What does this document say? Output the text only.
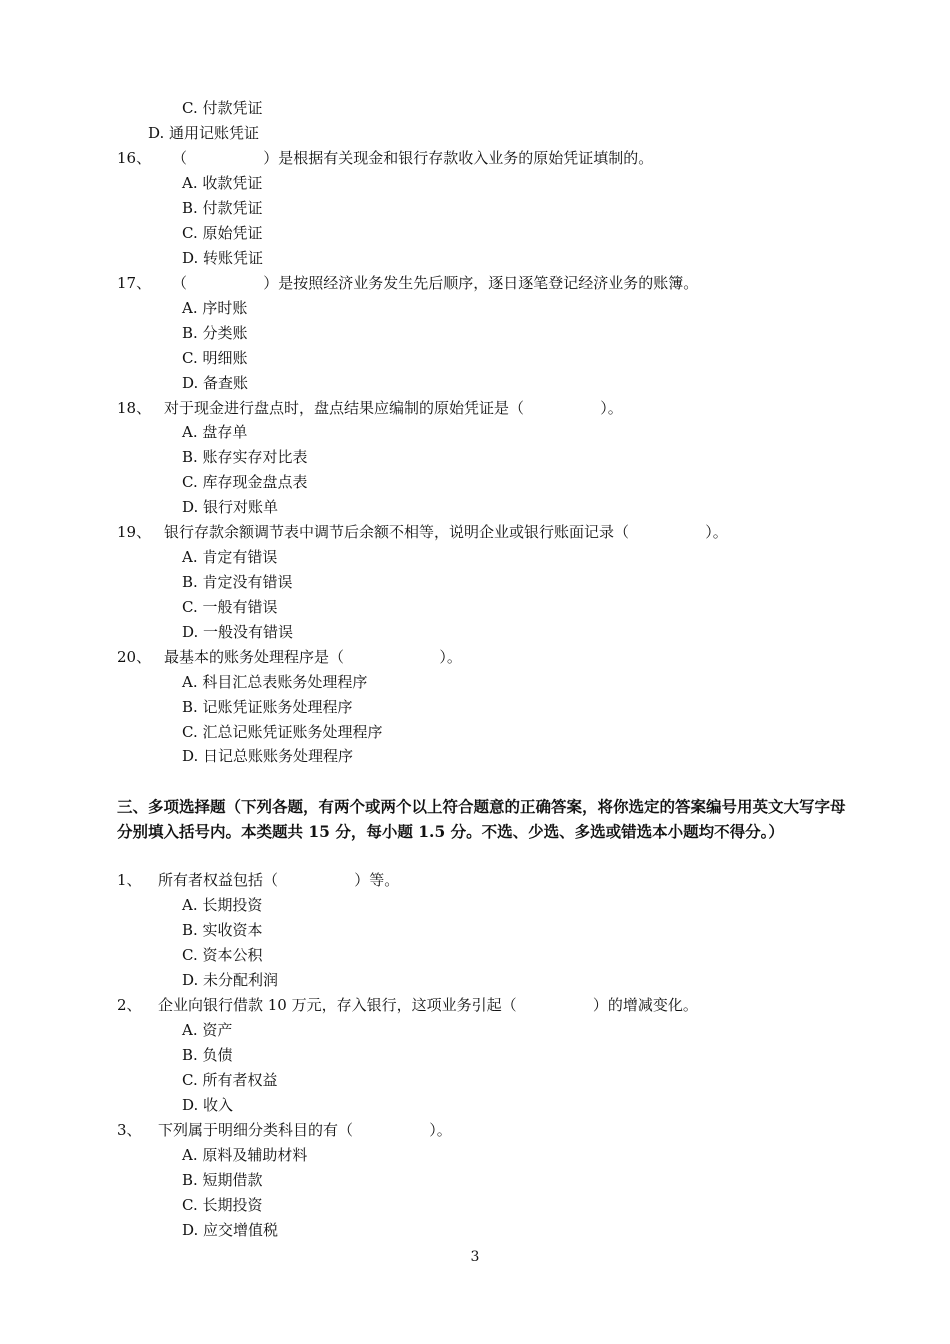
C. 付款凭证
D. 通用记账凭证
16、 （                ）是根据有关现金和银行存款收入业务的原始凭证填制的。
A. 收款凭证
B. 付款凭证
C. 原始凭证
D. 转账凭证
17、 （                ）是按照经济业务发生先后顺序，逐日逐笔登记经济业务的账簿。
A. 序时账
B. 分类账
C. 明细账
D. 备查账
18、 对于现金进行盘点时，盘点结果应编制的原始凭证是（                ）。
A. 盘存单
B. 账存实存对比表
C. 库存现金盘点表
D. 银行对账单
19、 银行存款余额调节表中调节后余额不相等，说明企业或银行账面记录（                ）。
A. 肯定有错误
B. 肯定没有错误
C. 一般有错误
D. 一般没有错误
20、 最基本的账务处理程序是（                    ）。
A. 科目汇总表账务处理程序
B. 记账凭证账务处理程序
C. 汇总记账凭证账务处理程序
D. 日记总账账务处理程序
三、多项选择题（下列各题，有两个或两个以上符合题意的正确答案，将你选定的答案编号用英文大写字母分别填入括号内。本类题共 15 分，每小题 1.5 分。不选、少选、多选或错选本小题均不得分。）
1、 所有者权益包括（                ）等。
A. 长期投资
B. 实收资本
C. 资本公积
D. 未分配利润
2、 企业向银行借款 10 万元，存入银行，这项业务引起（                ）的增减变化。
A. 资产
B. 负债
C. 所有者权益
D. 收入
3、 下列属于明细分类科目的有（                ）。
A. 原料及辅助材料
B. 短期借款
C. 长期投资
D. 应交增值税
3
